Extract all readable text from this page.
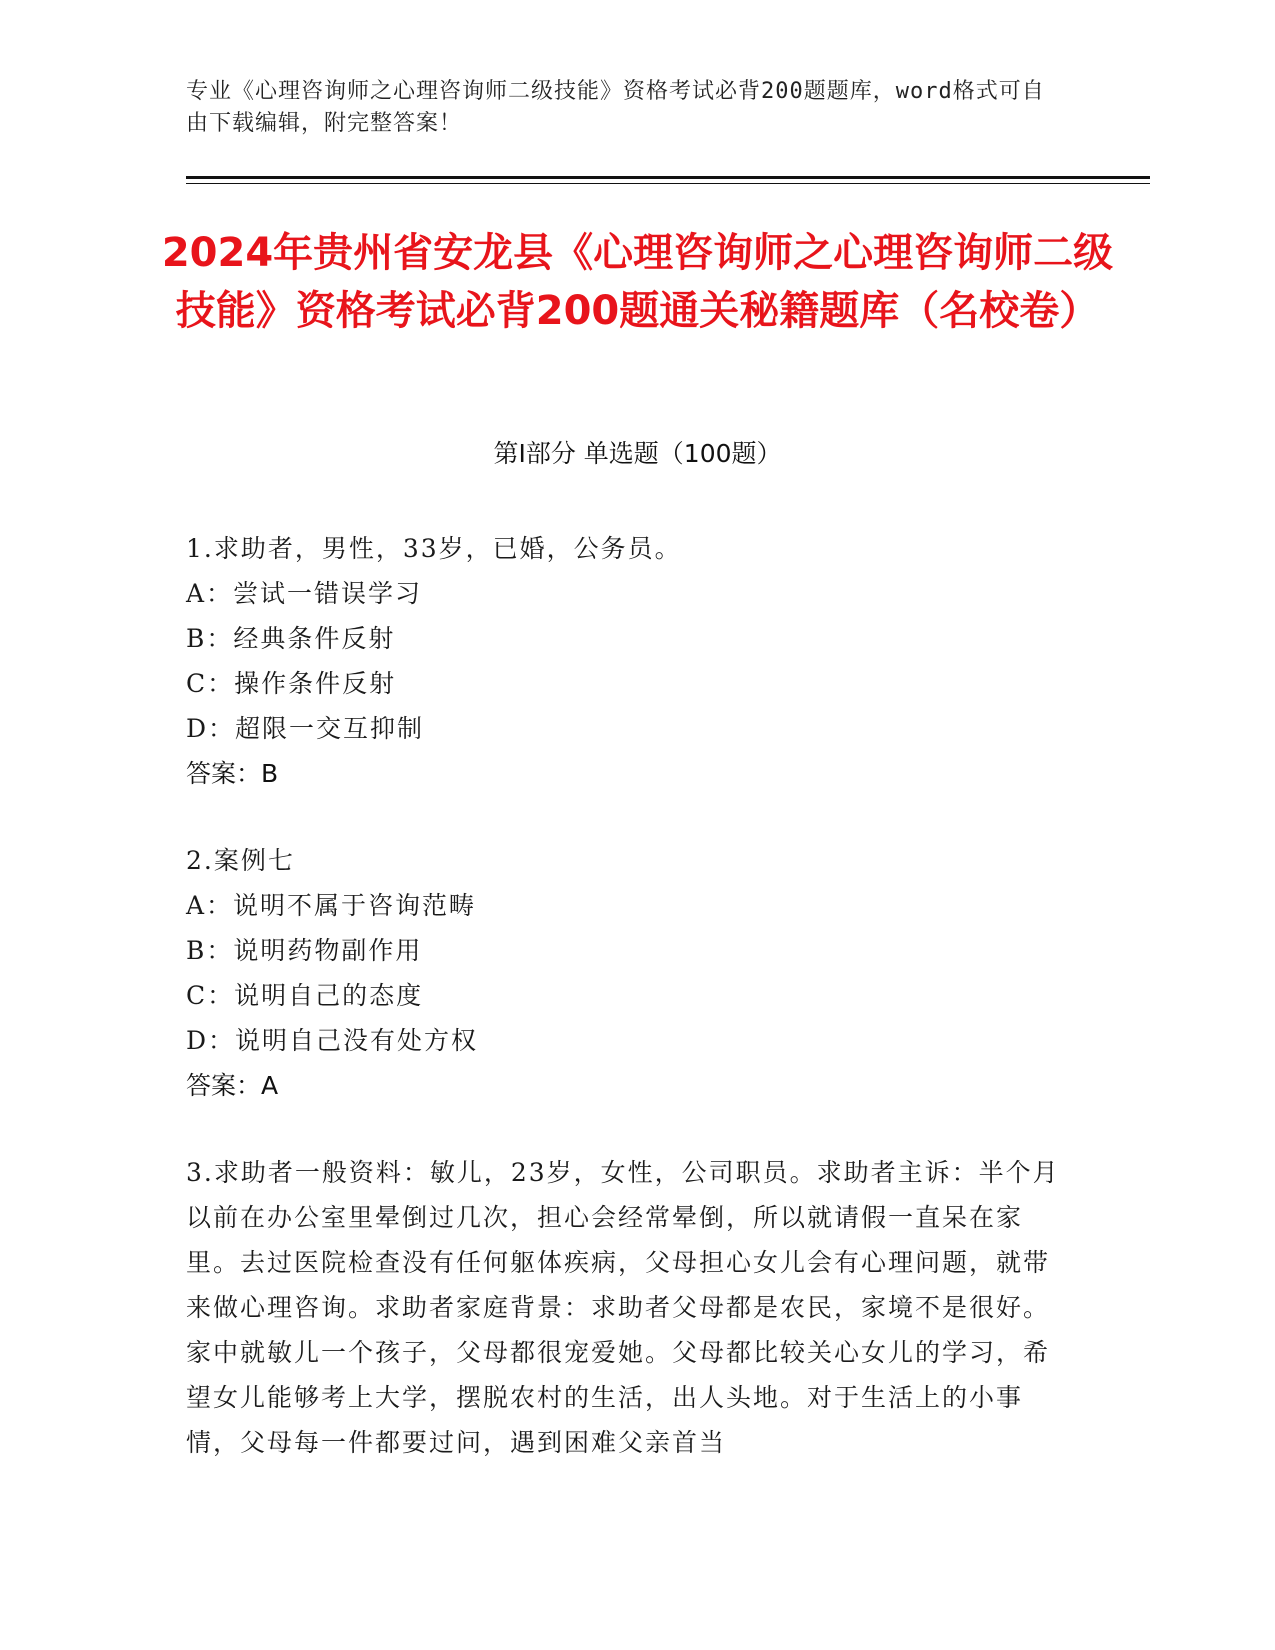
专业《心理咨询师之心理咨询师二级技能》资格考试必背200题题库，word格式可自由下载编辑，附完整答案！
2024年贵州省安龙县《心理咨询师之心理咨询师二级技能》资格考试必背200题通关秘籍题库（名校卷）
第I部分 单选题（100题）
1.求助者，男性，33岁，已婚，公务员。
A：尝试一错误学习
B：经典条件反射
C：操作条件反射
D：超限一交互抑制
答案：B
2.案例七
A：说明不属于咨询范畴
B：说明药物副作用
C：说明自己的态度
D：说明自己没有处方权
答案：A
3.求助者一般资料：敏儿，23岁，女性，公司职员。求助者主诉：半个月以前在办公室里晕倒过几次，担心会经常晕倒，所以就请假一直呆在家里。去过医院检查没有任何躯体疾病，父母担心女儿会有心理问题，就带来做心理咨询。求助者家庭背景：求助者父母都是农民，家境不是很好。家中就敏儿一个孩子，父母都很宠爱她。父母都比较关心女儿的学习，希望女儿能够考上大学，摆脱农村的生活，出人头地。对于生活上的小事情，父母每一件都要过问，遇到困难父亲首当
